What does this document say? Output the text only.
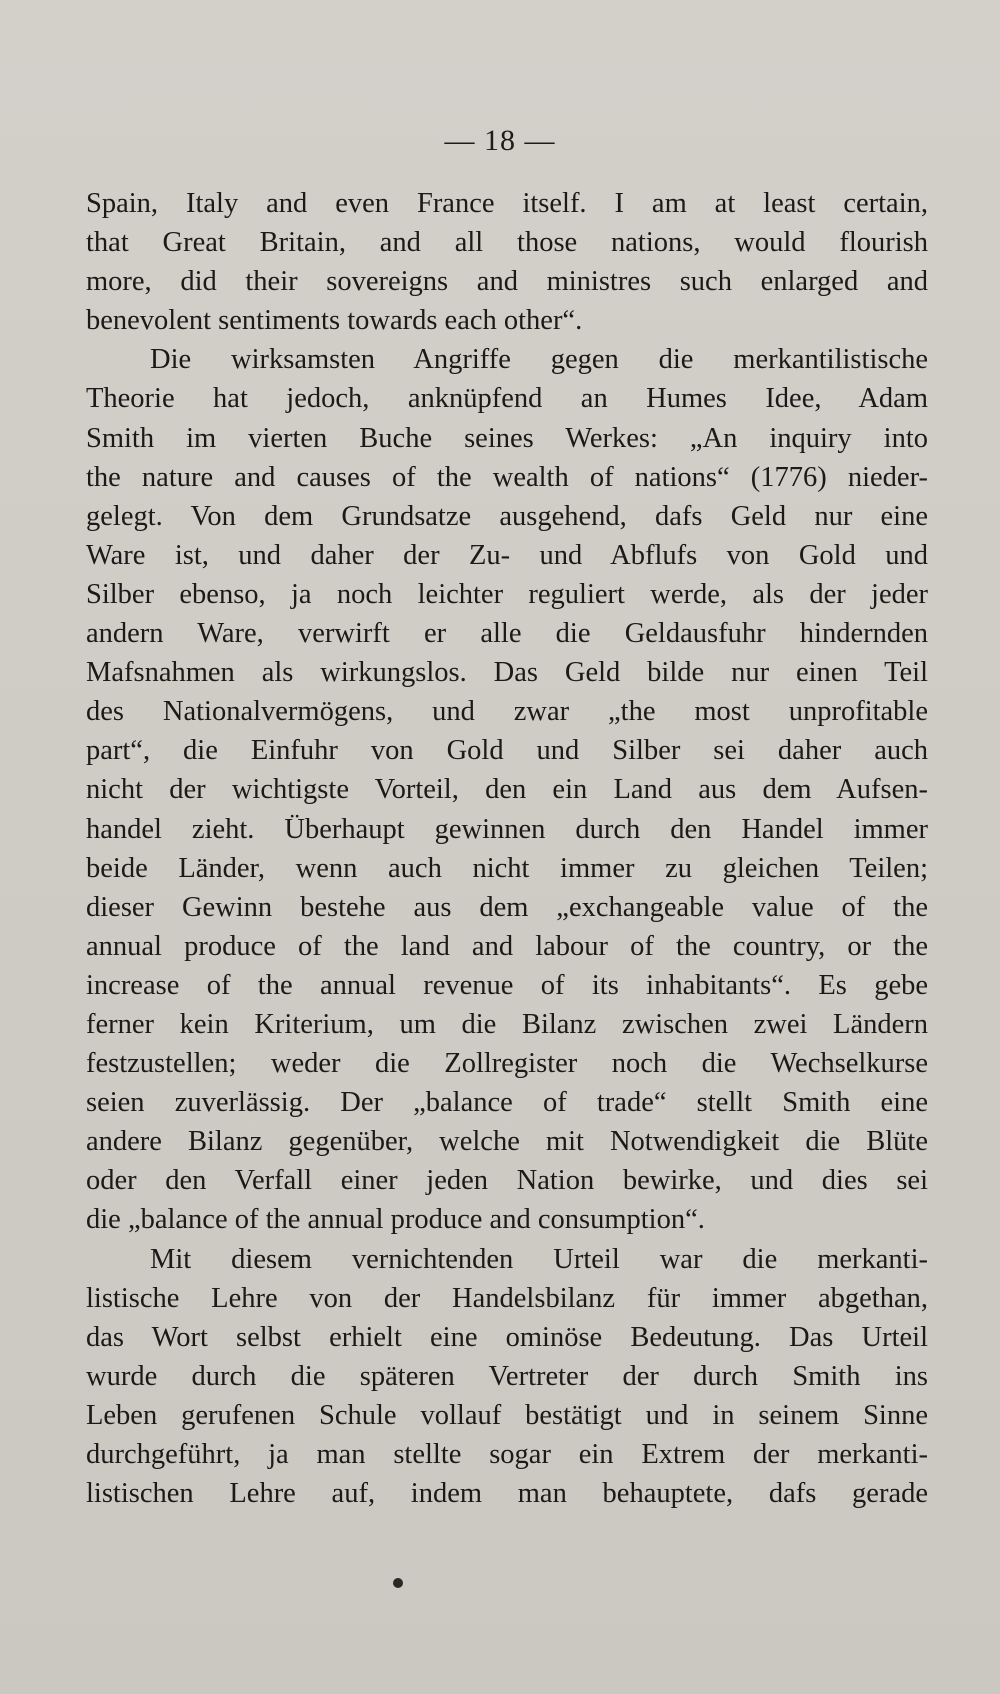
— 18 —
Spain, Italy and even France itself. I am at least certain,
that Great Britain, and all those nations, would flourish
more, did their sovereigns and ministres such enlarged and
benevolent sentiments towards each other“.
Die wirksamsten Angriffe gegen die merkantilistische
Theorie hat jedoch, anknüpfend an Humes Idee, Adam
Smith im vierten Buche seines Werkes: „An inquiry into
the nature and causes of the wealth of nations“ (1776) nieder-
gelegt. Von dem Grundsatze ausgehend, dafs Geld nur eine
Ware ist, und daher der Zu- und Abflufs von Gold und
Silber ebenso, ja noch leichter reguliert werde, als der jeder
andern Ware, verwirft er alle die Geldausfuhr hindernden
Mafsnahmen als wirkungslos. Das Geld bilde nur einen Teil
des Nationalvermögens, und zwar „the most unprofitable
part“, die Einfuhr von Gold und Silber sei daher auch
nicht der wichtigste Vorteil, den ein Land aus dem Aufsen-
handel zieht. Überhaupt gewinnen durch den Handel immer
beide Länder, wenn auch nicht immer zu gleichen Teilen;
dieser Gewinn bestehe aus dem „exchangeable value of the
annual produce of the land and labour of the country, or the
increase of the annual revenue of its inhabitants“. Es gebe
ferner kein Kriterium, um die Bilanz zwischen zwei Ländern
festzustellen; weder die Zollregister noch die Wechselkurse
seien zuverlässig. Der „balance of trade“ stellt Smith eine
andere Bilanz gegenüber, welche mit Notwendigkeit die Blüte
oder den Verfall einer jeden Nation bewirke, und dies sei
die „balance of the annual produce and consumption“.
Mit diesem vernichtenden Urteil war die merkanti-
listische Lehre von der Handelsbilanz für immer abgethan,
das Wort selbst erhielt eine ominöse Bedeutung. Das Urteil
wurde durch die späteren Vertreter der durch Smith ins
Leben gerufenen Schule vollauf bestätigt und in seinem Sinne
durchgeführt, ja man stellte sogar ein Extrem der merkanti-
listischen Lehre auf, indem man behauptete, dafs gerade
